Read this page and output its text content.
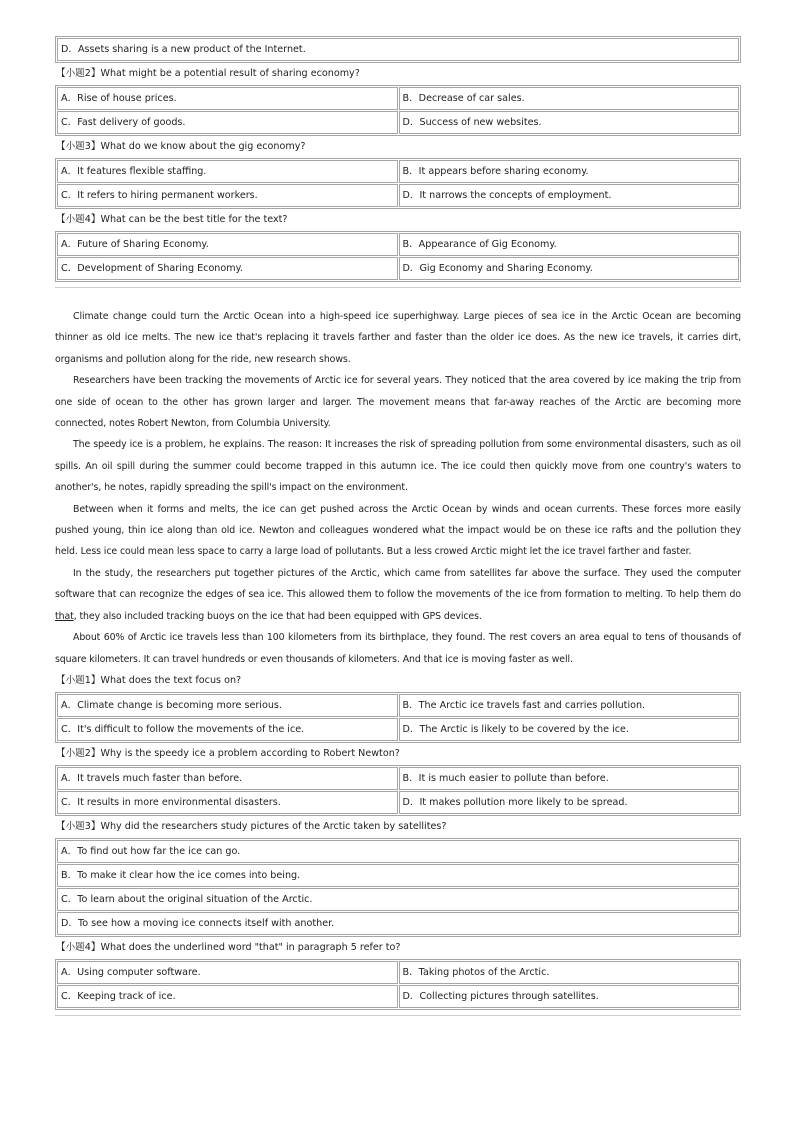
D．Assets sharing is a new product of the Internet.
【小题2】What might be a potential result of sharing economy?
A．Rise of house prices.	B．Decrease of car sales.
C．Fast delivery of goods.	D．Success of new websites.
【小题3】What do we know about the gig economy?
A．It features flexible staffing.	B．It appears before sharing economy.
C．It refers to hiring permanent workers.	D．It narrows the concepts of employment.
【小题4】What can be the best title for the text?
A．Future of Sharing Economy.	B．Appearance of Gig Economy.
C．Development of Sharing Economy.	D．Gig Economy and Sharing Economy.

Climate change could turn the Arctic Ocean into a high-speed ice superhighway. Large pieces of sea ice in the Arctic Ocean are becoming thinner as old ice melts. The new ice that's replacing it travels farther and faster than the older ice does. As the new ice travels, it carries dirt, organisms and pollution along for the ride, new research shows.

Researchers have been tracking the movements of Arctic ice for several years. They noticed that the area covered by ice making the trip from one side of ocean to the other has grown larger and larger. The movement means that far-away reaches of the Arctic are becoming more connected, notes Robert Newton, from Columbia University.

The speedy ice is a problem, he explains. The reason: It increases the risk of spreading pollution from some environmental disasters, such as oil spills. An oil spill during the summer could become trapped in this autumn ice. The ice could then quickly move from one country's waters to another's, he notes, rapidly spreading the spill's impact on the environment.

Between when it forms and melts, the ice can get pushed across the Arctic Ocean by winds and ocean currents. These forces more easily pushed young, thin ice along than old ice. Newton and colleagues wondered what the impact would be on these ice rafts and the pollution they held. Less ice could mean less space to carry a large load of pollutants. But a less crowed Arctic might let the ice travel farther and faster.

In the study, the researchers put together pictures of the Arctic, which came from satellites far above the surface. They used the computer software that can recognize the edges of sea ice. This allowed them to follow the movements of the ice from formation to melting. To help them do that, they also included tracking buoys on the ice that had been equipped with GPS devices.

About 60% of Arctic ice travels less than 100 kilometers from its birthplace, they found. The rest covers an area equal to tens of thousands of square kilometers. It can travel hundreds or even thousands of kilometers. And that ice is moving faster as well.

【小题1】What does the text focus on?
A．Climate change is becoming more serious.	B．The Arctic ice travels fast and carries pollution.
C．It's difficult to follow the movements of the ice.	D．The Arctic is likely to be covered by the ice.
【小题2】Why is the speedy ice a problem according to Robert Newton?
A．It travels much faster than before.	B．It is much easier to pollute than before.
C．It results in more environmental disasters.	D．It makes pollution more likely to be spread.
【小题3】Why did the researchers study pictures of the Arctic taken by satellites?
A．To find out how far the ice can go.
B．To make it clear how the ice comes into being.
C．To learn about the original situation of the Arctic.
D．To see how a moving ice connects itself with another.
【小题4】What does the underlined word "that" in paragraph 5 refer to?
A．Using computer software.	B．Taking photos of the Arctic.
C．Keeping track of ice.	D．Collecting pictures through satellites.
